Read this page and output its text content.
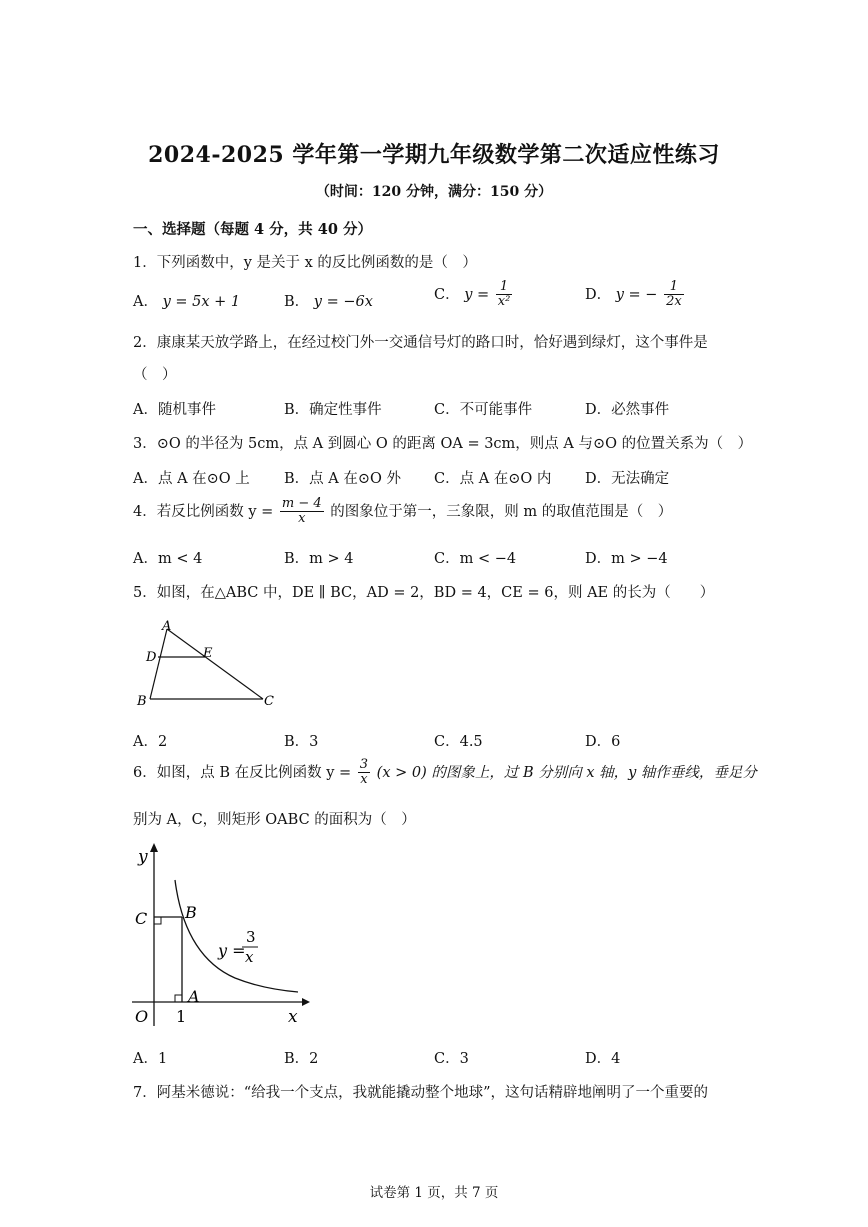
2024-2025 学年第一学期九年级数学第二次适应性练习
（时间：120 分钟，满分：150 分）
一、选择题（每题 4 分，共 40 分）
1．下列函数中，y 是关于 x 的反比例函数的是（　）
A． y = 5x + 1	B． y = −6x	C． $y = \frac{1}{\text{x²}}$	D． y = − $\frac{1}{2x}$
2．康康某天放学路上，在经过校门外一交通信号灯的路口时，恰好遇到绿灯，这个事件是
（　）
A．随机事件	B．确定性事件	C．不可能事件	D．必然事件
3．⊙O 的半径为 5cm，点 A 到圆心 O 的距离 OA = 3cm，则点 A 与⊙O 的位置关系为（　）
A．点 A 在⊙O 上 B．点 A 在⊙O 外 C．点 A 在⊙O 内 D．无法确定
4．若反比例函数 $y = \frac{m - 4}{x}$ 的图象位于第一，三象限，则 m 的取值范围是（　）
A．m < 4	B．m > 4	C．m < −4	D．m > −4
5．如图，在△ABC 中，DE ∥ BC，AD = 2，BD = 4，CE = 6，则 AE 的长为（　　）
A
D	E
B	C
A．2	B．3	C．4.5	D．6
6．如图，点 B 在反比例函数 $y = \frac{3}{x} (x > 0)$ 的图象上，过 B 分别向 x 轴，y 轴作垂线，垂足分
别为 A，C，则矩形 OABC 的面积为（　）
y
x
O
C B
A
1
y =
3
x
A．1	B．2	C．3	D．4
7．阿基米德说：“给我一个支点，我就能撬动整个地球”，这句话精辟地阐明了一个重要的
试卷第 1 页，共 7 页
